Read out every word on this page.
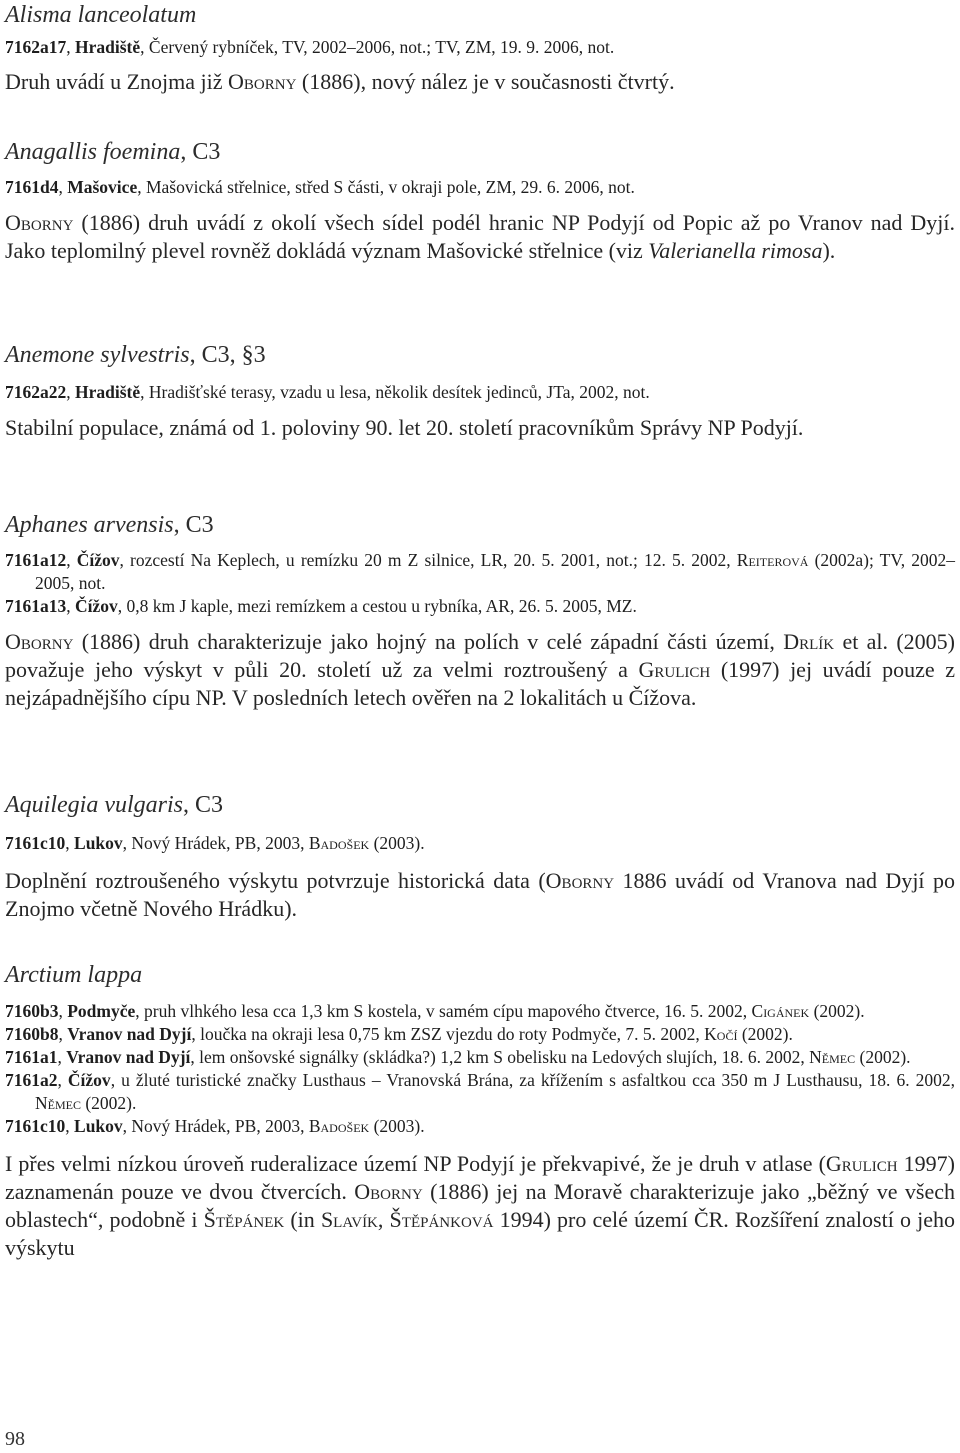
Alisma lanceolatum

7162a17, Hradiště, Červený rybníček, TV, 2002–2006, not.; TV, ZM, 19. 9. 2006, not.

Druh uvádí u Znojma již Oborny (1886), nový nález je v současnosti čtvrtý.

Anagallis foemina, C3

7161d4, Mašovice, Mašovická střelnice, střed S části, v okraji pole, ZM, 29. 6. 2006, not.

Oborny (1886) druh uvádí z okolí všech sídel podél hranic NP Podyjí od Popic až po Vranov nad Dyjí. Jako teplomilný plevel rovněž dokládá význam Mašovické střelnice (viz Valerianella rimosa).

Anemone sylvestris, C3, §3

7162a22, Hradiště, Hradišťské terasy, vzadu u lesa, několik desítek jedinců, JTa, 2002, not.

Stabilní populace, známá od 1. poloviny 90. let 20. století pracovníkům Správy NP Podyjí.

Aphanes arvensis, C3

7161a12, Čížov, rozcestí Na Keplech, u remízku 20 m Z silnice, LR, 20. 5. 2001, not.; 12. 5. 2002, Reiterová (2002a); TV, 2002–2005, not.

7161a13, Čížov, 0,8 km J kaple, mezi remízkem a cestou u rybníka, AR, 26. 5. 2005, MZ.

Oborny (1886) druh charakterizuje jako hojný na polích v celé západní části území, Drlík et al. (2005) považuje jeho výskyt v půli 20. století už za velmi roztroušený a Grulich (1997) jej uvádí pouze z nejzápadnějšího cípu NP. V posledních letech ověřen na 2 lokalitách u Čížova.

Aquilegia vulgaris, C3

7161c10, Lukov, Nový Hrádek, PB, 2003, Badošek (2003).

Doplnění roztroušeného výskytu potvrzuje historická data (Oborny 1886 uvádí od Vranova nad Dyjí po Znojmo včetně Nového Hrádku).

Arctium lappa

7160b3, Podmyče, pruh vlhkého lesa cca 1,3 km S kostela, v samém cípu mapového čtverce, 16. 5. 2002, Cigánek (2002).

7160b8, Vranov nad Dyjí, loučka na okraji lesa 0,75 km ZSZ vjezdu do roty Podmyče, 7. 5. 2002, Kočí (2002).

7161a1, Vranov nad Dyjí, lem onšovské signálky (skládka?) 1,2 km S obelisku na Ledových slujích, 18. 6. 2002, Němec (2002).

7161a2, Čížov, u žluté turistické značky Lusthaus – Vranovská Brána, za křížením s asfaltkou cca 350 m J Lusthausu, 18. 6. 2002, Němec (2002).

7161c10, Lukov, Nový Hrádek, PB, 2003, Badošek (2003).

I přes velmi nízkou úroveň ruderalizace území NP Podyjí je překvapivé, že je druh v atlase (Grulich 1997) zaznamenán pouze ve dvou čtvercích. Oborny (1886) jej na Moravě charakterizuje jako „běžný ve všech oblastech“, podobně i Štěpánek (in Slavík, Štěpánková 1994) pro celé území ČR. Rozšíření znalostí o jeho výskytu

98
